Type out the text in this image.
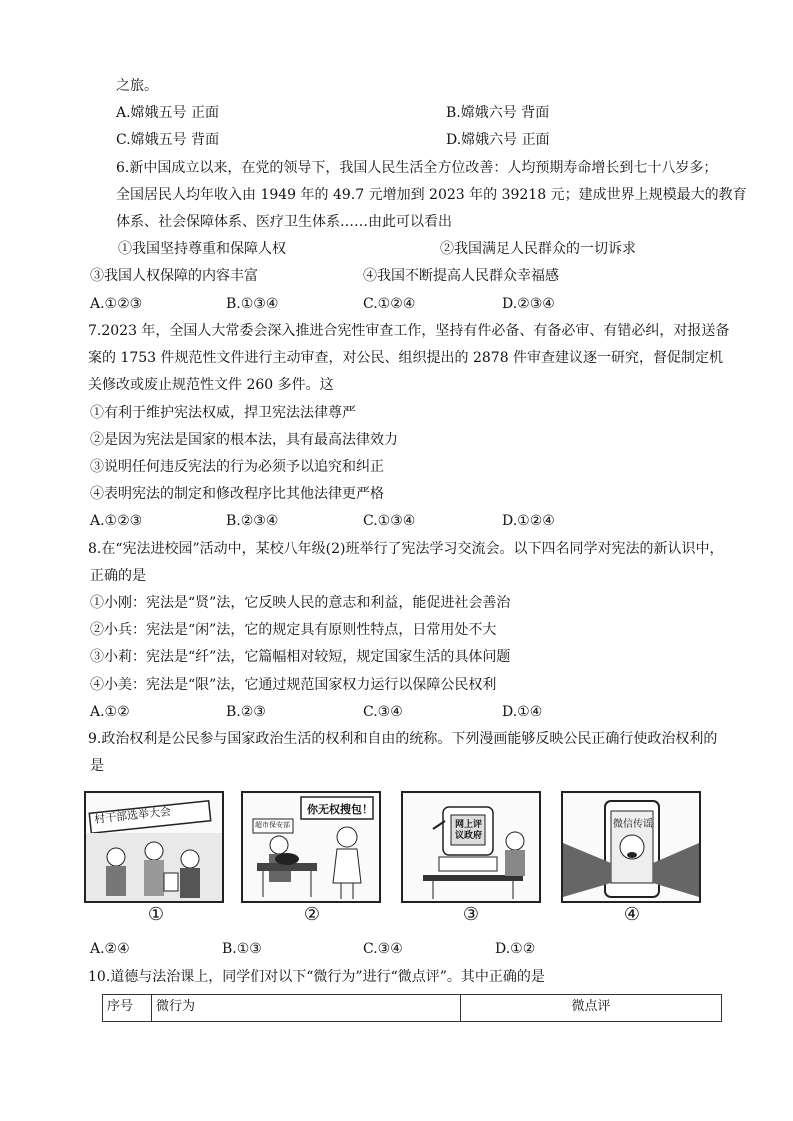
之旅。
A.嫦娥五号 正面	B.嫦娥六号 背面
C.嫦娥五号 背面	D.嫦娥六号 正面
6.新中国成立以来，在党的领导下，我国人民生活全方位改善：人均预期寿命增长到七十八岁多；
全国居民人均年收入由 1949 年的 49.7 元增加到 2023 年的 39218 元；建成世界上规模最大的教育
体系、社会保障体系、医疗卫生体系……由此可以看出
①我国坚持尊重和保障人权	②我国满足人民群众的一切诉求
③我国人权保障的内容丰富	④我国不断提高人民群众幸福感
A.①②③	B.①③④	C.①②④	D.②③④
7.2023 年，全国人大常委会深入推进合宪性审查工作，坚持有件必备、有备必审、有错必纠，对报送备
案的 1753 件规范性文件进行主动审查，对公民、组织提出的 2878 件审查建议逐一研究，督促制定机
关修改或废止规范性文件 260 多件。这
①有利于维护宪法权威，捍卫宪法法律尊严
②是因为宪法是国家的根本法，具有最高法律效力
③说明任何违反宪法的行为必须予以追究和纠正
④表明宪法的制定和修改程序比其他法律更严格
A.①②③	B.②③④	C.①③④	D.①②④
8.在“宪法进校园”活动中，某校八年级(2)班举行了宪法学习交流会。以下四名同学对宪法的新认识中，
正确的是
①小刚：宪法是“贤”法，它反映人民的意志和利益，能促进社会善治
②小兵：宪法是“闲”法，它的规定具有原则性特点，日常用处不大
③小莉：宪法是“纤”法，它篇幅相对较短，规定国家生活的具体问题
④小美：宪法是“限”法，它通过规范国家权力运行以保障公民权利
A.①②	B.②③	C.③④	D.①④
9.政治权利是公民参与国家政治生活的权利和自由的统称。下列漫画能够反映公民正确行使政治权利的
是
村干部选举大会
①
你无权搜包！
超市保安部
②
网上评议政府
③
微信传谣
④
A.②④	B.①③	C.③④	D.①②
10.道德与法治课上，同学们对以下“微行为”进行“微点评”。其中正确的是
序号	微行为	微点评
